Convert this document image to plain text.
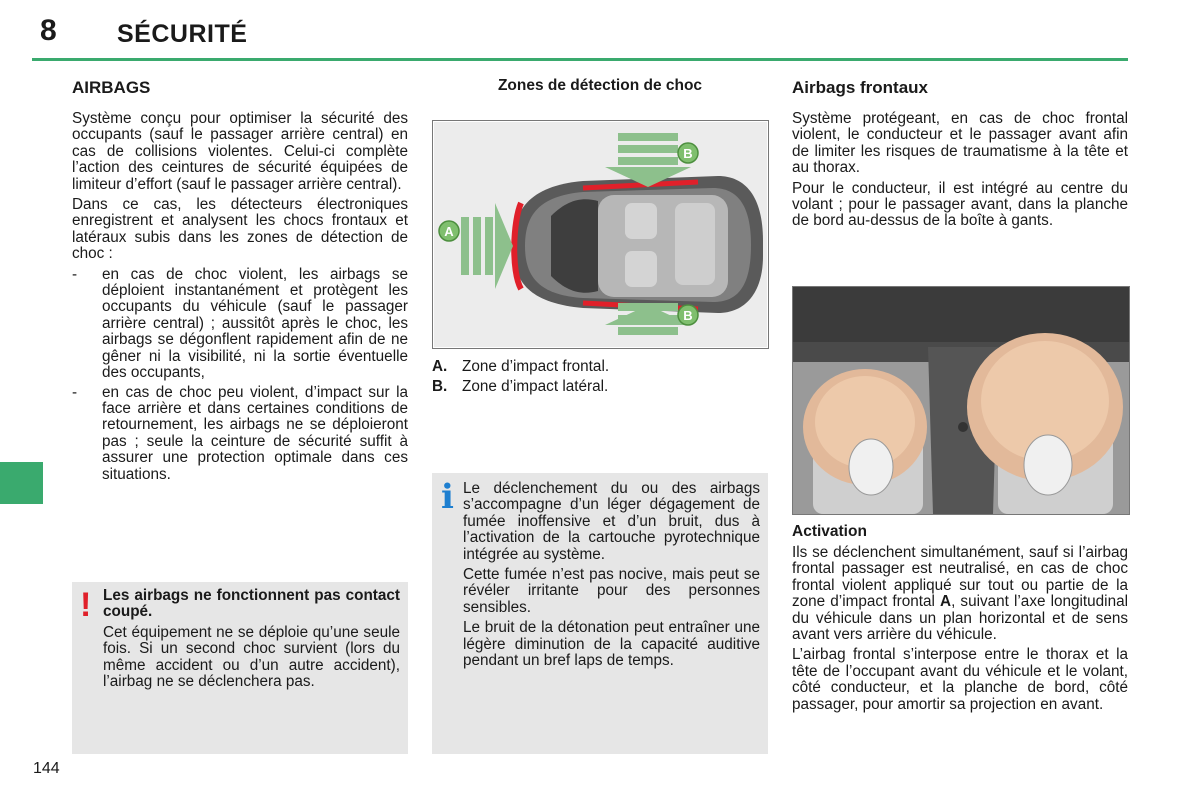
8 SÉCURITÉ
144
AIRBAGS

Système conçu pour optimiser la sécurité des occupants (sauf le passager arrière central) en cas de collisions violentes. Celui-ci complète l’action des ceintures de sécurité équipées de limiteur d’effort (sauf le passager arrière central).

Dans ce cas, les détecteurs électroniques enregistrent et analysent les chocs frontaux et latéraux subis dans les zones de détection de choc :

- en cas de choc violent, les airbags se déploient instantanément et protègent les occupants du véhicule (sauf le passager arrière central) ; aussitôt après le choc, les airbags se dégonflent rapidement afin de ne gêner ni la visibilité, ni la sortie éventuelle des occupants,
- en cas de choc peu violent, d’impact sur la face arrière et dans certaines conditions de retournement, les airbags ne se déploieront pas ; seule la ceinture de sécurité suffit à assurer une protection optimale dans ces situations.
! Les airbags ne fonctionnent pas contact coupé.

Cet équipement ne se déploie qu’une seule fois. Si un second choc survient (lors du même accident ou d’un autre accident), l’airbag ne se déclenchera pas.

Zones de détection de choc
A
B
B
A. Zone d’impact frontal.
B. Zone d’impact latéral.
i Le déclenchement du ou des airbags s’accompagne d’un léger dégagement de fumée inoffensive et d’un bruit, dus à l’activation de la cartouche pyrotechnique intégrée au système.

Cette fumée n’est pas nocive, mais peut se révéler irritante pour des personnes sensibles.

Le bruit de la détonation peut entraîner une légère diminution de la capacité auditive pendant un bref laps de temps.

Airbags frontaux

Système protégeant, en cas de choc frontal violent, le conducteur et le passager avant afin de limiter les risques de traumatisme à la tête et au thorax.

Pour le conducteur, il est intégré au centre du volant ; pour le passager avant, dans la planche de bord au-dessus de la boîte à gants.

Activation

Ils se déclenchent simultanément, sauf si l’airbag frontal passager est neutralisé, en cas de choc frontal violent appliqué sur tout ou partie de la zone d’impact frontal A, suivant l’axe longitudinal du véhicule dans un plan horizontal et de sens avant vers arrière du véhicule.

L’airbag frontal s’interpose entre le thorax et la tête de l’occupant avant du véhicule et le volant, côté conducteur, et la planche de bord, côté passager, pour amortir sa projection en avant.
